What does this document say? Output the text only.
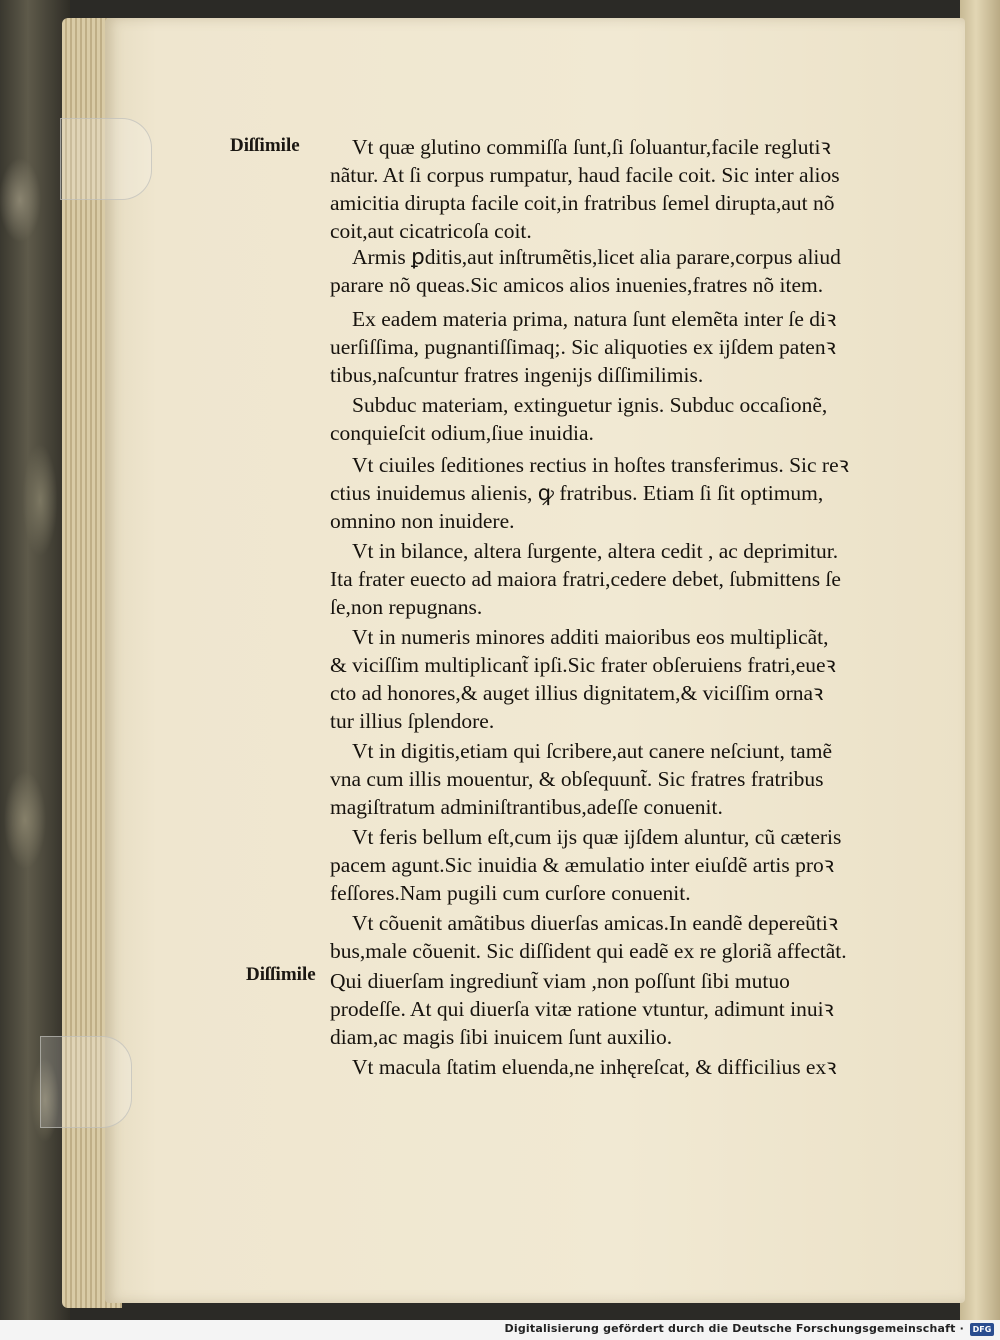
Diſſimile
Diſſimile
Vt quæ glutino commiſſa ſunt,ſi ſoluantur,facile reglutiꝛ
nãtur. At ſi corpus rumpatur, haud facile coit. Sic inter alios
amicitia dirupta facile coit,in fratribus ſemel dirupta,aut nõ
coit,aut cicatricoſa coit.
Armis ꝑditis,aut inſtrumẽtis,licet alia parare,corpus aliud
parare nõ queas.Sic amicos alios inuenies,fratres nõ item.
Ex eadem materia prima, natura ſunt elemẽta inter ſe diꝛ
uerſiſſima, pugnantiſſimaq;. Sic aliquoties ex ijſdem patenꝛ
tibus,naſcuntur fratres ingenijs diſſimilimis.
Subduc materiam, extinguetur ignis. Subduc occaſionẽ,
conquieſcit odium,ſiue inuidia.
Vt ciuiles ſeditiones rectius in hoſtes transferimus. Sic reꝛ
ctius inuidemus alienis, ꝙ fratribus. Etiam ſi ſit optimum,
omnino non inuidere.
Vt in bilance, altera ſurgente, altera cedit , ac deprimitur.
Ita frater euecto ad maiora fratri,cedere debet, ſubmittens ſe
ſe,non repugnans.
Vt in numeris minores additi maioribus eos multiplicãt,
& viciſſim multiplicant̃ ipſi.Sic frater obſeruiens fratri,eueꝛ
cto ad honores,& auget illius dignitatem,& viciſſim ornaꝛ
tur illius ſplendore.
Vt in digitis,etiam qui ſcribere,aut canere neſciunt, tamẽ
vna cum illis mouentur, & obſequunt̃. Sic fratres fratribus
magiſtratum adminiſtrantibus,adeſſe conuenit.
Vt feris bellum eſt,cum ijs quæ ijſdem aluntur, cũ cæteris
pacem agunt.Sic inuidia & æmulatio inter eiuſdẽ artis proꝛ
feſſores.Nam pugili cum curſore conuenit.
Vt cõuenit amãtibus diuerſas amicas.In eandẽ depereũtiꝛ
bus,male cõuenit. Sic diſſident qui eadẽ ex re gloriã affectãt.
Qui diuerſam ingrediunt̃ viam ,non poſſunt ſibi mutuo
prodeſſe. At qui diuerſa vitæ ratione vtuntur, adimunt inuiꝛ
diam,ac magis ſibi inuicem ſunt auxilio.
Vt macula ſtatim eluenda,ne inhęreſcat, & difficilius exꝛ
Digitalisierung gefördert durch die Deutsche Forschungsgemeinschaft ·	DFG
